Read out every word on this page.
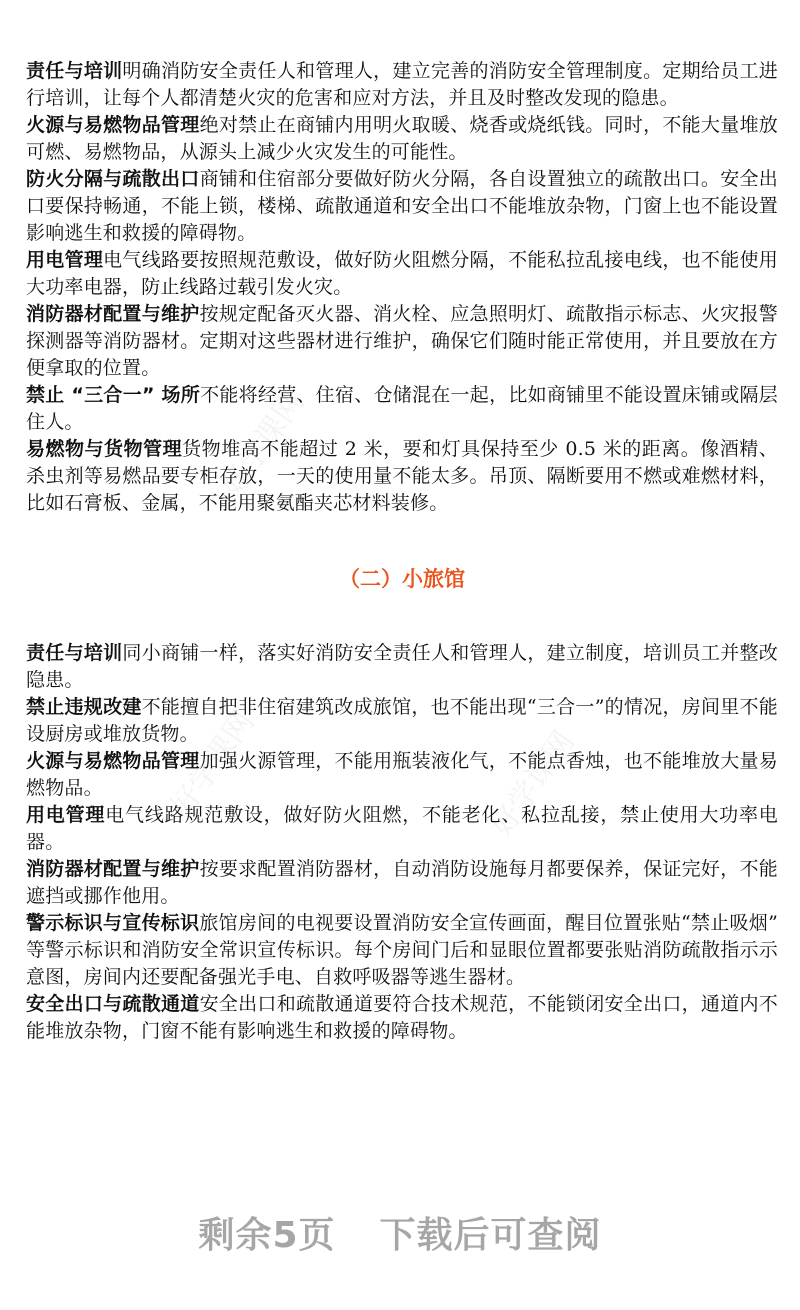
好学课网	好学课网
好学课网

责任与培训明确消防安全责任人和管理人，建立完善的消防安全管理制度。定期给员工进行培训，让每个人都清楚火灾的危害和应对方法，并且及时整改发现的隐患。

火源与易燃物品管理绝对禁止在商铺内用明火取暖、烧香或烧纸钱。同时，不能大量堆放可燃、易燃物品，从源头上减少火灾发生的可能性。

防火分隔与疏散出口商铺和住宿部分要做好防火分隔，各自设置独立的疏散出口。安全出口要保持畅通，不能上锁，楼梯、疏散通道和安全出口不能堆放杂物，门窗上也不能设置影响逃生和救援的障碍物。

用电管理电气线路要按照规范敷设，做好防火阻燃分隔，不能私拉乱接电线，也不能使用大功率电器，防止线路过载引发火灾。

消防器材配置与维护按规定配备灭火器、消火栓、应急照明灯、疏散指示标志、火灾报警探测器等消防器材。定期对这些器材进行维护，确保它们随时能正常使用，并且要放在方便拿取的位置。

禁止 “三合一” 场所不能将经营、住宿、仓储混在一起，比如商铺里不能设置床铺或隔层住人。

易燃物与货物管理货物堆高不能超过 2 米，要和灯具保持至少 0.5 米的距离。像酒精、杀虫剂等易燃品要专柜存放，一天的使用量不能太多。吊顶、隔断要用不燃或难燃材料，比如石膏板、金属，不能用聚氨酯夹芯材料装修。

（二）小旅馆

责任与培训同小商铺一样，落实好消防安全责任人和管理人，建立制度，培训员工并整改隐患。

禁止违规改建不能擅自把非住宿建筑改成旅馆，也不能出现“三合一”的情况，房间里不能设厨房或堆放货物。

火源与易燃物品管理加强火源管理，不能用瓶装液化气，不能点香烛，也不能堆放大量易燃物品。

用电管理电气线路规范敷设，做好防火阻燃，不能老化、私拉乱接，禁止使用大功率电器。

消防器材配置与维护按要求配置消防器材，自动消防设施每月都要保养，保证完好，不能遮挡或挪作他用。

警示标识与宣传标识旅馆房间的电视要设置消防安全宣传画面，醒目位置张贴“禁止吸烟” 等警示标识和消防安全常识宣传标识。每个房间门后和显眼位置都要张贴消防疏散指示示意图，房间内还要配备强光手电、自救呼吸器等逃生器材。

安全出口与疏散通道安全出口和疏散通道要符合技术规范，不能锁闭安全出口，通道内不能堆放杂物，门窗不能有影响逃生和救援的障碍物。

剩余5页 下载后可查阅
